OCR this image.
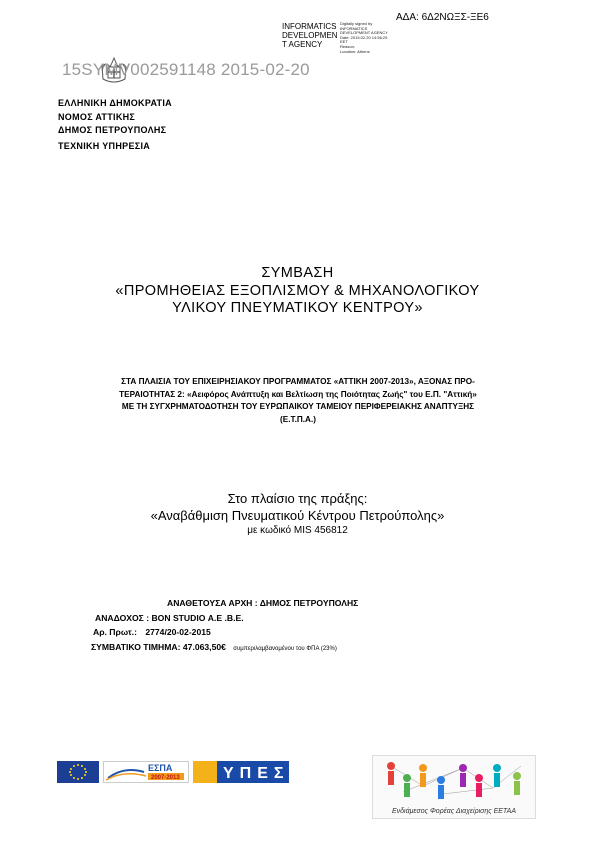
ΑΔΑ: 6Δ2ΝΩΞΣ-ΞΕ6
INFORMATICS
DEVELOPMEN
T AGENCY
Digitally signed by
INFORMATICS
DEVELOPMENT AGENCY
Date: 2015.02.20 14:56:29
EET
Reason:
Location: Athens
15SYMV002591148 2015-02-20
ΕΛΛΗΝΙΚΗ ΔΗΜΟΚΡΑΤΙΑ
ΝΟΜΟΣ ΑΤΤΙΚΗΣ
ΔΗΜΟΣ ΠΕΤΡΟΥΠΟΛΗΣ
ΤΕΧΝΙΚΗ ΥΠΗΡΕΣΙΑ
ΣΥΜΒΑΣΗ
«ΠΡΟΜΗΘΕΙΑΣ ΕΞΟΠΛΙΣΜΟΥ & ΜΗΧΑΝΟΛΟΓΙΚΟΥ
ΥΛΙΚΟΥ ΠΝΕΥΜΑΤΙΚΟΥ ΚΕΝΤΡΟΥ»
ΣΤΑ ΠΛΑΙΣΙΑ ΤΟΥ ΕΠΙΧΕΙΡΗΣΙΑΚΟΥ ΠΡΟΓΡΑΜΜΑΤΟΣ «ΑΤΤΙΚΗ 2007-2013», ΑΞΟΝΑΣ ΠΡΟ-
ΤΕΡΑΙΟΤΗΤΑΣ 2: «Αειφόρος Ανάπτυξη και Βελτίωση της Ποιότητας Ζωής" του Ε.Π. "Αττική»
ΜΕ ΤΗ ΣΥΓΧΡΗΜΑΤΟΔΟΤΗΣΗ ΤΟΥ ΕΥΡΩΠΑΙΚΟΥ ΤΑΜΕΙΟΥ ΠΕΡΙΦΕΡΕΙΑΚΗΣ ΑΝΑΠΤΥΞΗΣ
(Ε.Τ.Π.Α.)
Στο πλαίσιο της πράξης:
«Αναβάθμιση Πνευματικού Κέντρου Πετρούπολης»
με κωδικό MIS 456812
ΑΝΑΘΕΤΟΥΣΑ ΑΡΧΗ : ΔΗΜΟΣ ΠΕΤΡΟΥΠΟΛΗΣ
ΑΝΑΔΟΧΟΣ : BON STUDIO Α.Ε .Β.Ε.
Αρ. Πρωτ.: 2774/20-02-2015
ΣΥΜΒΑΤΙΚΟ ΤΙΜΗΜΑ: 47.063,50€ συμπεριλαμβανομένου του ΦΠΑ (23%)
ΕΣΠΑ
2007-2013	ΥΠΕΣ
Ενδιάμεσος Φορέας Διαχείρισης ΕΕΤΑΑ
